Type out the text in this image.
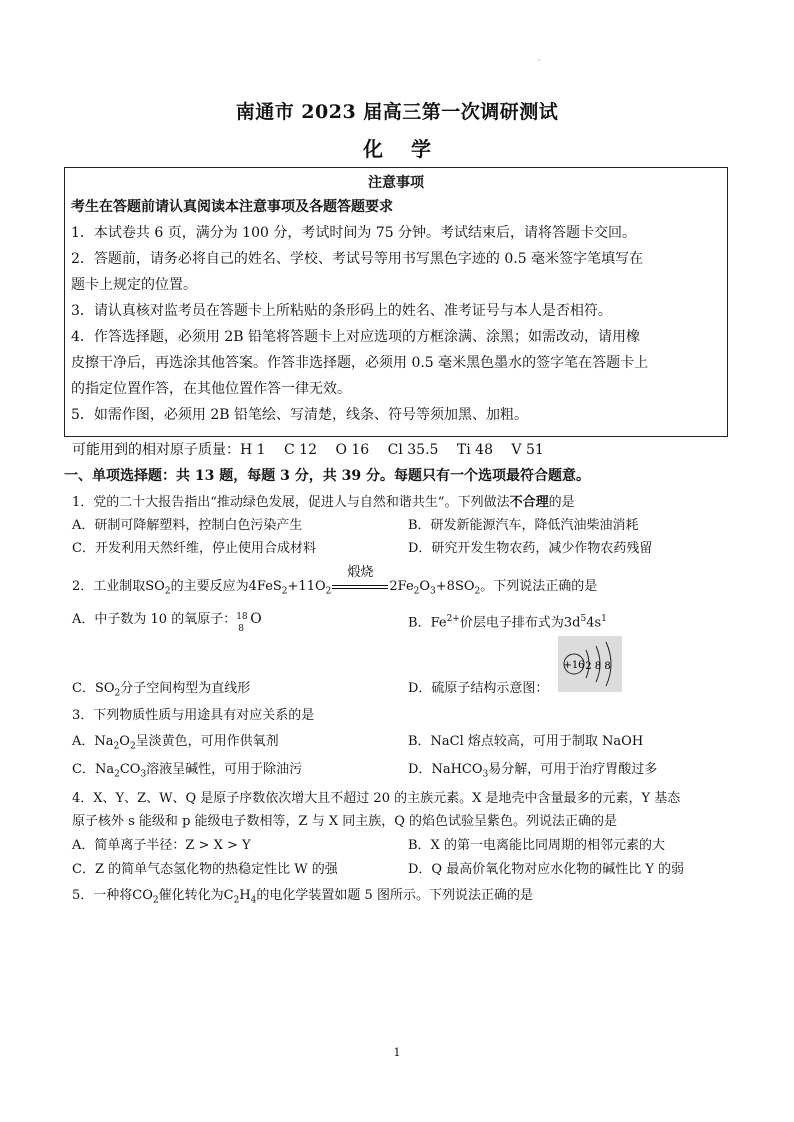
·
南通市 2023 届高三第一次调研测试
化学
注意事项
考生在答题前请认真阅读本注意事项及各题答题要求
1．本试卷共 6 页，满分为 100 分，考试时间为 75 分钟。考试结束后，请将答题卡交回。
2．答题前，请务必将自己的姓名、学校、考试号等用书写黑色字迹的 0.5 毫米签字笔填写在
题卡上规定的位置。
3．请认真核对监考员在答题卡上所粘贴的条形码上的姓名、准考证号与本人是否相符。
4．作答选择题，必须用 2B 铅笔将答题卡上对应选项的方框涂满、涂黑；如需改动，请用橡
皮擦干净后，再选涂其他答案。作答非选择题，必须用 0.5 毫米黑色墨水的签字笔在答题卡上
的指定位置作答，在其他位置作答一律无效。
5．如需作图，必须用 2B 铅笔绘、写清楚，线条、符号等须加黑、加粗。
可能用到的相对原子质量：H 1　 C 12　 O 16　 Cl 35.5　 Ti 48　 V 51
一、单项选择题：共 13 题，每题 3 分，共 39 分。每题只有一个选项最符合题意。
1．党的二十大报告指出“推动绿色发展，促进人与自然和谐共生”。下列做法不合理的是
A．研制可降解塑料，控制白色污染产生	B．研发新能源汽车，降低汽油柴油消耗
C．开发利用天然纤维，停止使用合成材料	D．研究开发生物农药，减少作物农药残留
2．工业制取$SO_2$的主要反应为$4FeS_2+11O_2$
煅烧
$2Fe_2O_3+8SO_2$。下列说法正确的是
A．中子数为 10 的氧原子： 18
8
O	B．$Fe^{2+}$价层电子排布式为$3d^54s^1$
C．$SO_2$分子空间构型为直线形	D．硫原子结构示意图：
+16 2 8 8
3．下列物质性质与用途具有对应关系的是
A．$Na_2O_2$呈淡黄色，可用作供氧剂	B．NaCl 熔点较高，可用于制取 NaOH
C．$Na_2CO_3$溶液呈碱性，可用于除油污	D．NaHCO$_3$易分解，可用于治疗胃酸过多
4．X、Y、Z、W、Q 是原子序数依次增大且不超过 20 的主族元素。X 是地壳中含量最多的元素，Y 基态
原子核外 s 能级和 p 能级电子数相等，Z 与 X 同主族，Q 的焰色试验呈紫色。列说法正确的是
A．简单离子半径：Z > X > Y	B．X 的第一电离能比同周期的相邻元素的大
C．Z 的简单气态氢化物的热稳定性比 W 的强	D．Q 最高价氧化物对应水化物的碱性比 Y 的弱
5．一种将$CO_2$催化转化为$C_2H_4$的电化学装置如题 5 图所示。下列说法正确的是
1
